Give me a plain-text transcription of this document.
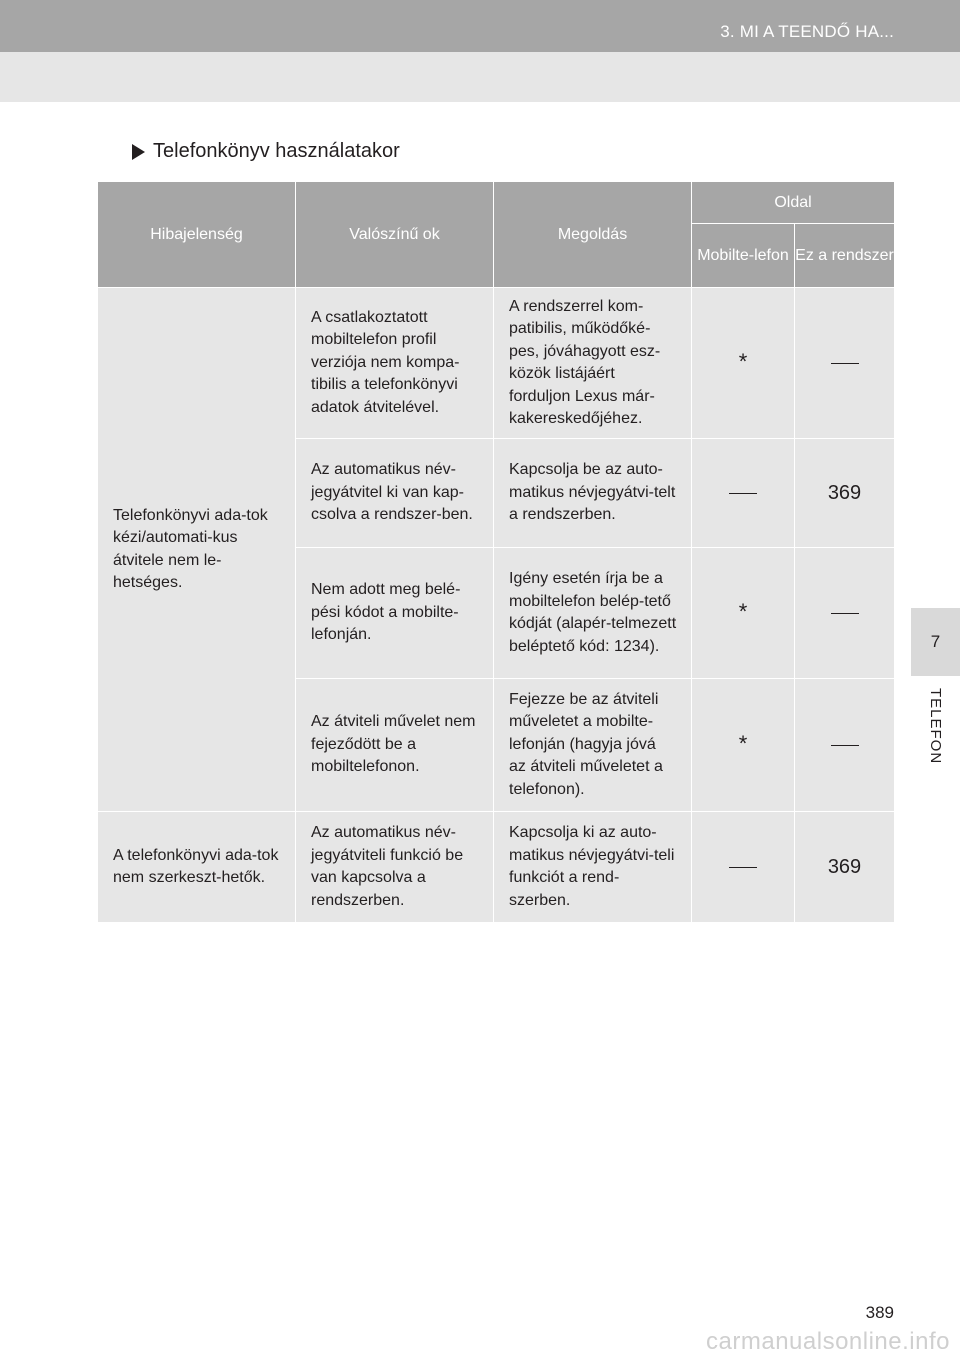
3. MI A TEENDŐ HA...
7
TELEFON
Telefonkönyv használatakor
Hibajelenség	Valószínű ok	Megoldás	Oldal	
			Mobilte-lefon	Ez a rendszer
Telefonkönyvi ada-tok kézi/automati-kus átvitele nem le-hetséges.	A csatlakoztatott mobiltelefon profil verziója nem kompa-tibilis a telefonkönyvi adatok átvitelével.	A rendszerrel kom-patibilis, működőké-pes, jóváhagyott esz-közök listájáért forduljon Lexus már-kakereskedőjéhez.	*	
	Az automatikus név-jegyátvitel ki van kap-csolva a rendszer-ben.	Kapcsolja be az auto-matikus névjegyátvi-telt a rendszerben.		369
	Nem adott meg belé-pési kódot a mobilte-lefonján.	Igény esetén írja be a mobiltelefon belép-tető kódját (alapér-telmezett beléptető kód: 1234).	*	
	Az átviteli művelet nem fejeződött be a mobiltelefonon.	Fejezze be az átviteli műveletet a mobilte-lefonján (hagyja jóvá az átviteli műveletet a telefonon).	*	
A telefonkönyvi ada-tok nem szerkeszt-hetők.	Az automatikus név-jegyátviteli funkció be van kapcsolva a rendszerben.	Kapcsolja ki az auto-matikus névjegyátvi-teli funkciót a rend-szerben.		369
389
carmanualsonline.info
